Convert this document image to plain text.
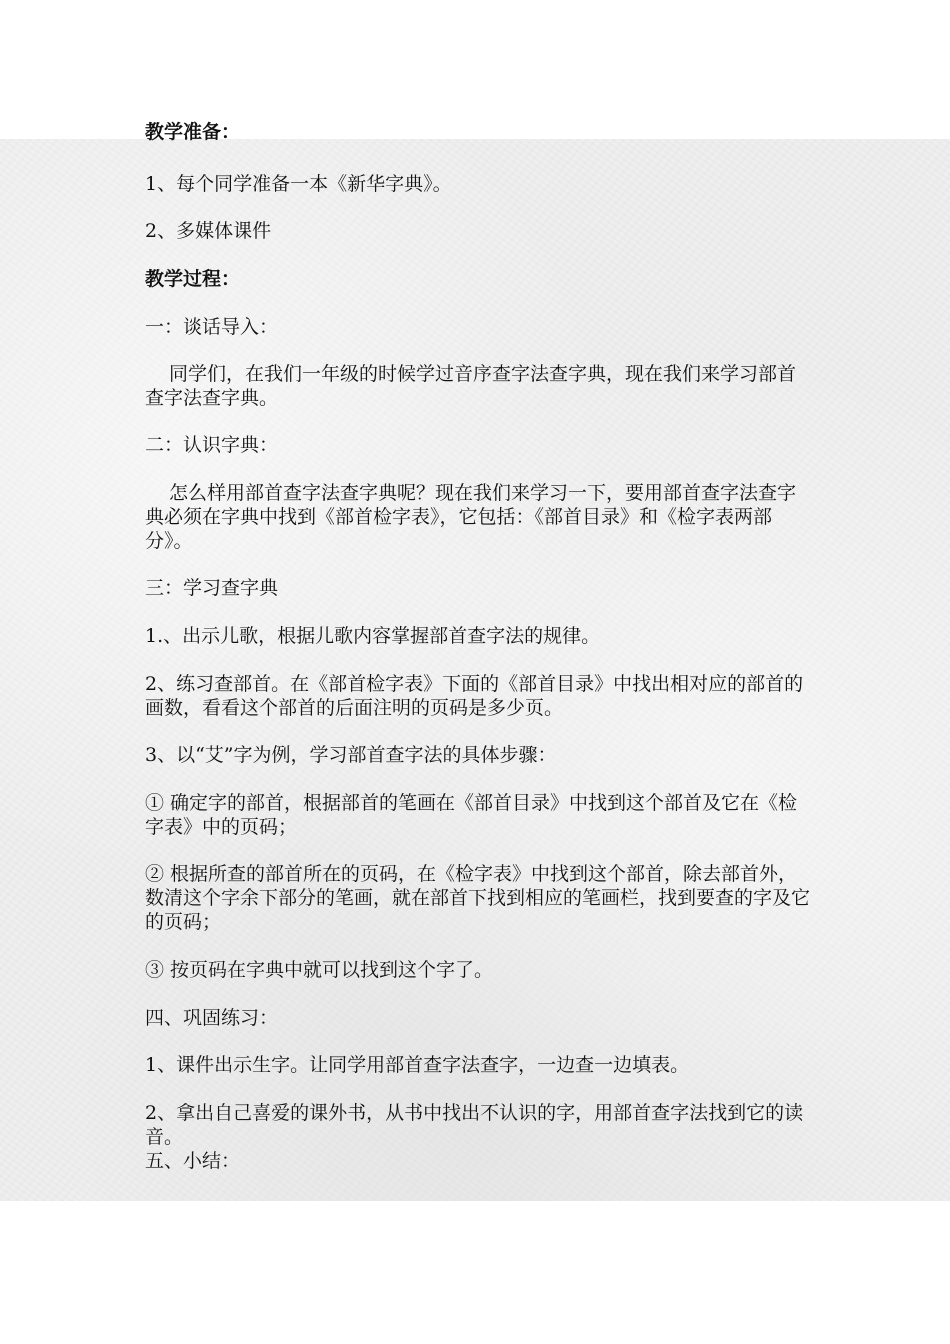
教学准备：

1、每个同学准备一本《新华字典》。

2、多媒体课件

教学过程：

一：谈话导入：

同学们，在我们一年级的时候学过音序查字法查字典，现在我们来学习部首查字法查字典。

二：认识字典：

怎么样用部首查字法查字典呢？现在我们来学习一下，要用部首查字法查字典必须在字典中找到《部首检字表》，它包括：《部首目录》和《检字表两部分》。

三：学习查字典

1.、出示儿歌，根据儿歌内容掌握部首查字法的规律。

2、练习查部首。在《部首检字表》下面的《部首目录》中找出相对应的部首的画数，看看这个部首的后面注明的页码是多少页。

3、以“艾”字为例，学习部首查字法的具体步骤：

① 确定字的部首，根据部首的笔画在《部首目录》中找到这个部首及它在《检字表》中的页码；

② 根据所查的部首所在的页码，在《检字表》中找到这个部首，除去部首外，数清这个字余下部分的笔画，就在部首下找到相应的笔画栏，找到要查的字及它的页码；

③ 按页码在字典中就可以找到这个字了。

四、巩固练习：

1、课件出示生字。让同学用部首查字法查字，一边查一边填表。

2、拿出自己喜爱的课外书，从书中找出不认识的字，用部首查字法找到它的读音。

五、小结：
